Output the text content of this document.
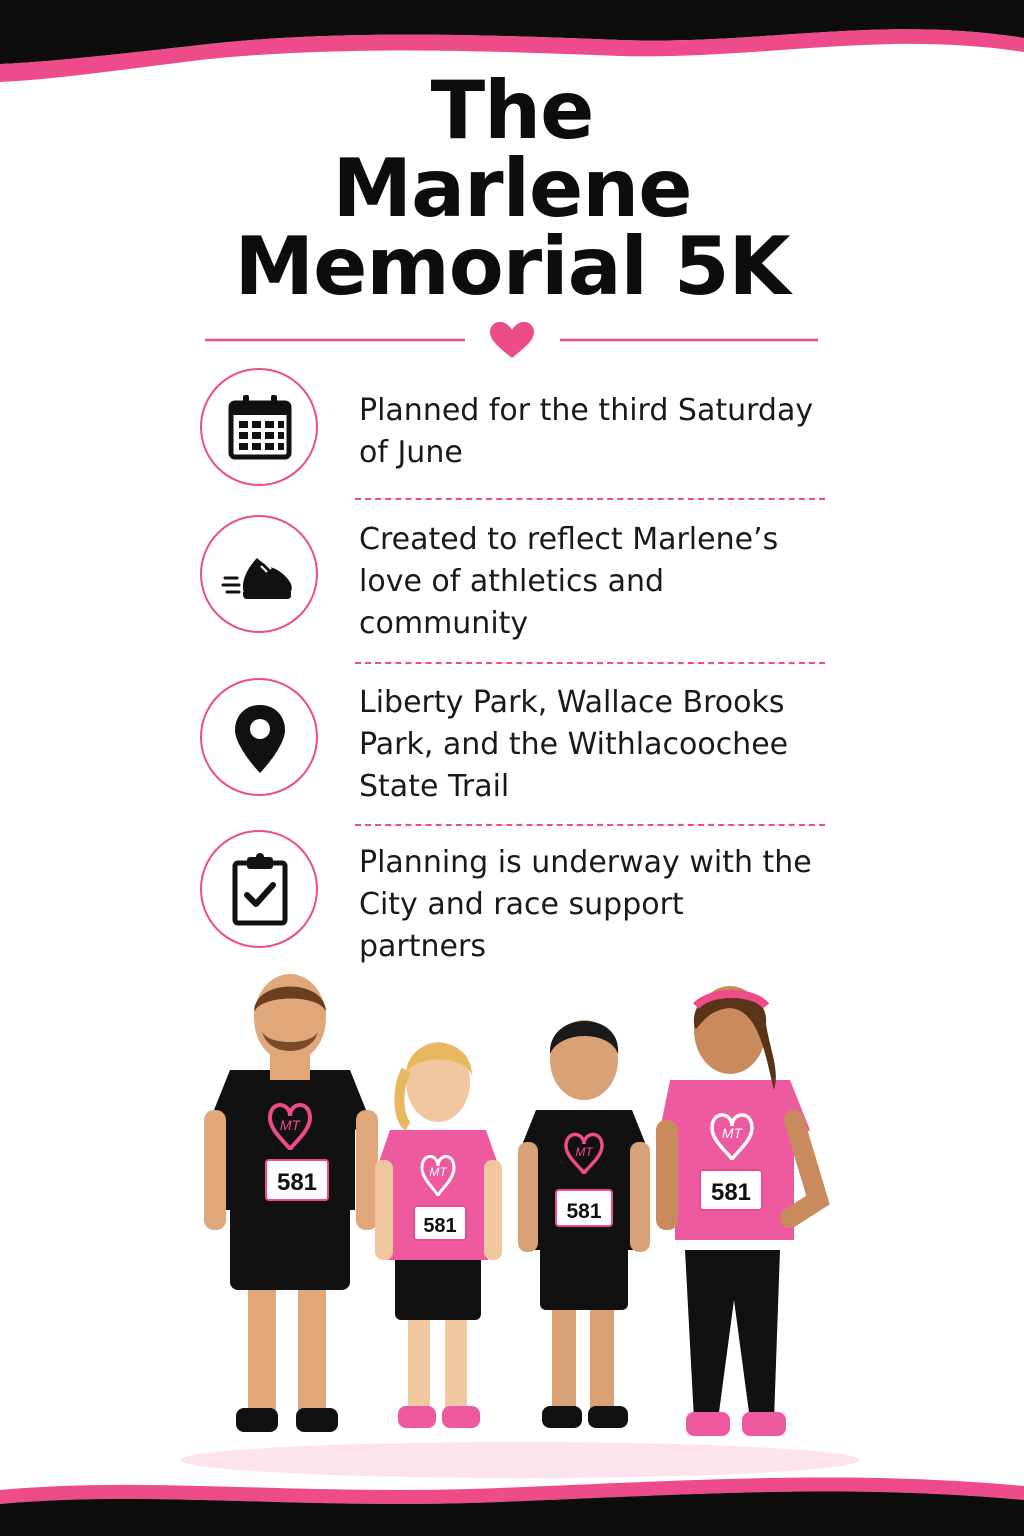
The
Marlene
Memorial 5K
Planned for the third Saturday of June
Created to reflect Marlene’s love of athletics and community
Liberty Park, Wallace Brooks Park, and the Withlacoochee State Trail
Planning is underway with the City and race support partners
MT
581	MT
581
MT
581
MT
581
